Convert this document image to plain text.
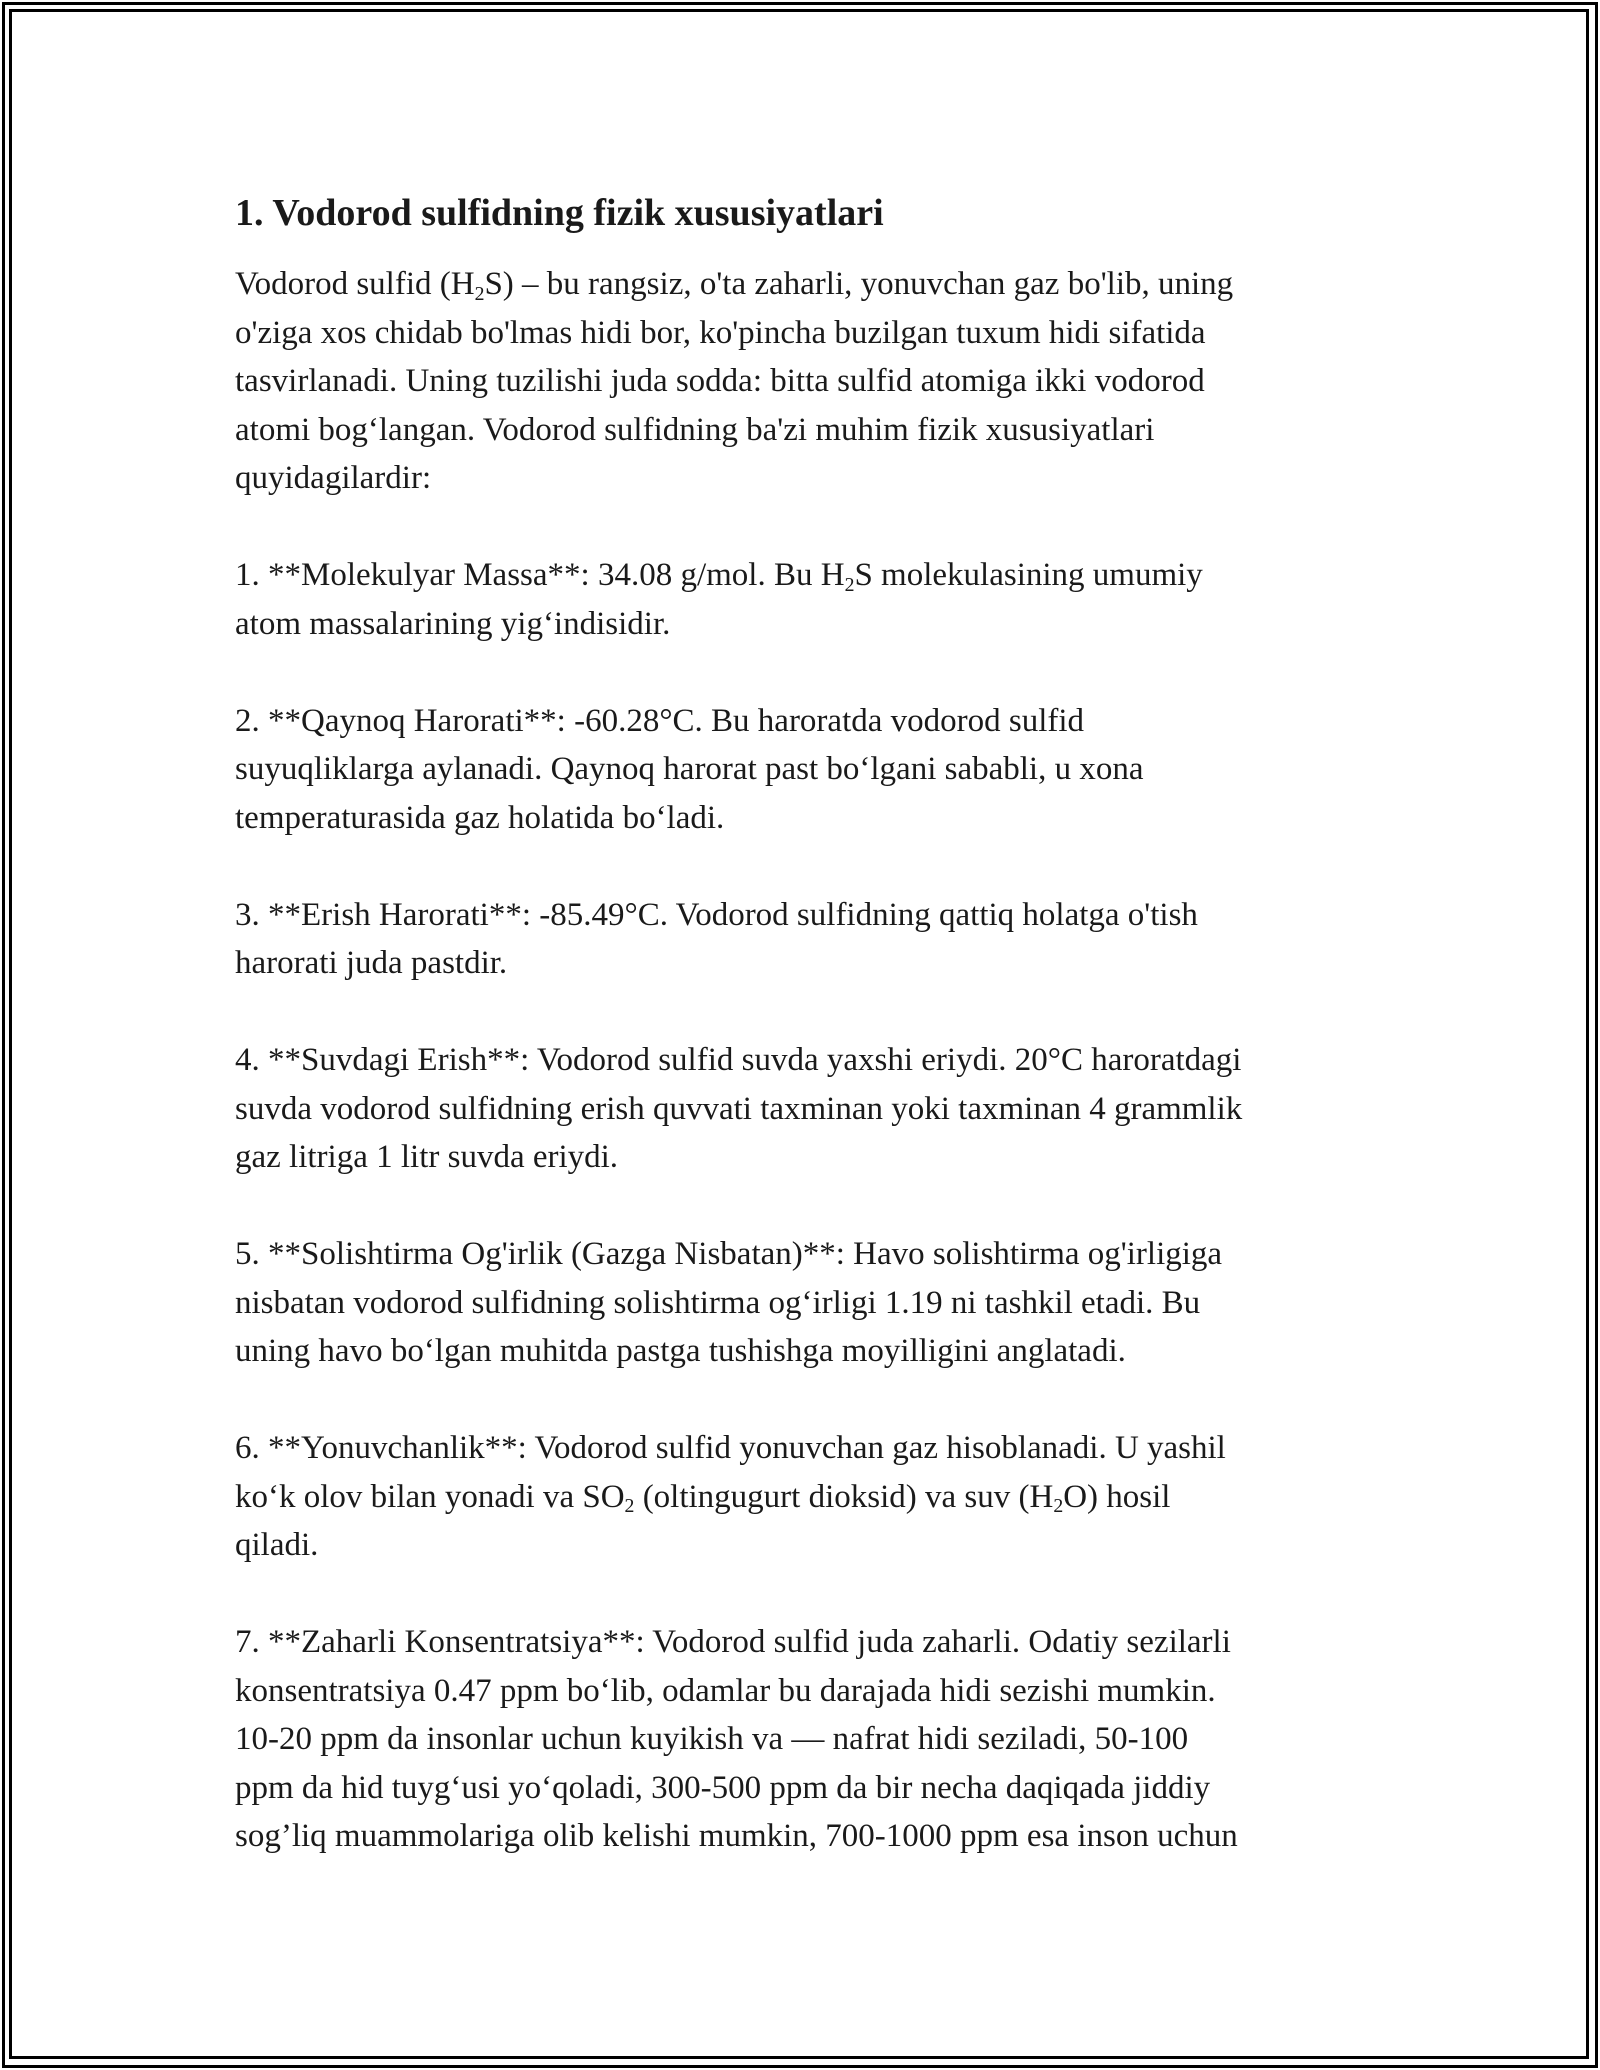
1. Vodorod sulfidning fizik xususiyatlari

Vodorod sulfid $(H_2S)$ – bu rangsiz, o'ta zaharli, yonuvchan gaz bo'lib, uning
o'ziga xos chidab bo'lmas hidi bor, ko'pincha buzilgan tuxum hidi sifatida
tasvirlanadi. Uning tuzilishi juda sodda: bitta sulfid atomiga ikki vodorod
atomi bog‘langan. Vodorod sulfidning ba'zi muhim fizik xususiyatlari
quyidagilardir:

1. **Molekulyar Massa**: 34.08 g/mol. Bu $H_2S$ molekulasining umumiy
atom massalarining yig‘indisidir.

2. **Qaynoq Harorati**: -60.28°C. Bu haroratda vodorod sulfid
suyuqliklarga aylanadi. Qaynoq harorat past bo‘lgani sababli, u xona
temperaturasida gaz holatida bo‘ladi.

3. **Erish Harorati**: -85.49°C. Vodorod sulfidning qattiq holatga o'tish
harorati juda pastdir.

4. **Suvdagi Erish**: Vodorod sulfid suvda yaxshi eriydi. 20°C haroratdagi
suvda vodorod sulfidning erish quvvati taxminan yoki taxminan 4 grammlik
gaz litriga 1 litr suvda eriydi.

5. **Solishtirma Og'irlik (Gazga Nisbatan)**: Havo solishtirma og'irligiga
nisbatan vodorod sulfidning solishtirma og‘irligi 1.19 ni tashkil etadi. Bu
uning havo bo‘lgan muhitda pastga tushishga moyilligini anglatadi.

6. **Yonuvchanlik**: Vodorod sulfid yonuvchan gaz hisoblanadi. U yashil
ko‘k olov bilan yonadi va $SO_2$ (oltingugurt dioksid) va suv $(H_2O)$ hosil
qiladi.

7. **Zaharli Konsentratsiya**: Vodorod sulfid juda zaharli. Odatiy sezilarli
konsentratsiya 0.47 ppm bo‘lib, odamlar bu darajada hidi sezishi mumkin.
10-20 ppm da insonlar uchun kuyikish va — nafrat hidi seziladi, 50-100
ppm da hid tuyg‘usi yo‘qoladi, 300-500 ppm da bir necha daqiqada jiddiy
sog’liq muammolariga olib kelishi mumkin, 700-1000 ppm esa inson uchun
